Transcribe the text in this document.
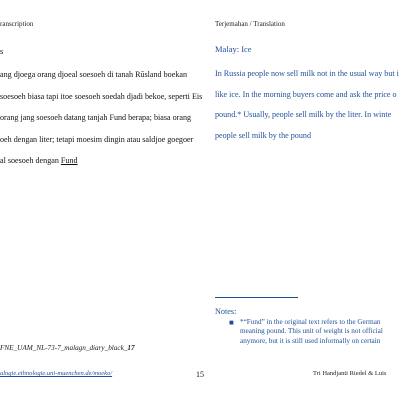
ranscription	Terjemahan / Translation
s
ang djoega orang djoeal soesoeh di tanah Rūsland boekan
soesoeh biasa tapi itoe soesoeh soedah djadi bekoe, seperti Eis
orang jang soesoeh datang tanjah Fund berapa; biasa orang
oeh dengan liter; tetapi moesim dingin atau saldjoe goegoer
al soesoeh dengan Fund
Malay: Ice
In Russia people now sell milk not in the usual way but i
like ice. In the morning buyers come and ask the price o
pound.* Usually, people sell milk by the liter. In winte
people sell milk by the pound
Notes:
■ *“Fund” in the original text refers to the German
meaning pound. This unit of weight is not official
anymore, but it is still used informally on certain
FNE_UAM_NL-73-7_malagn_diary_black_17
alogie.ethnologie.uni-muenchen.de/moeko/	15	Tri Handjanti Riedel & Luis
